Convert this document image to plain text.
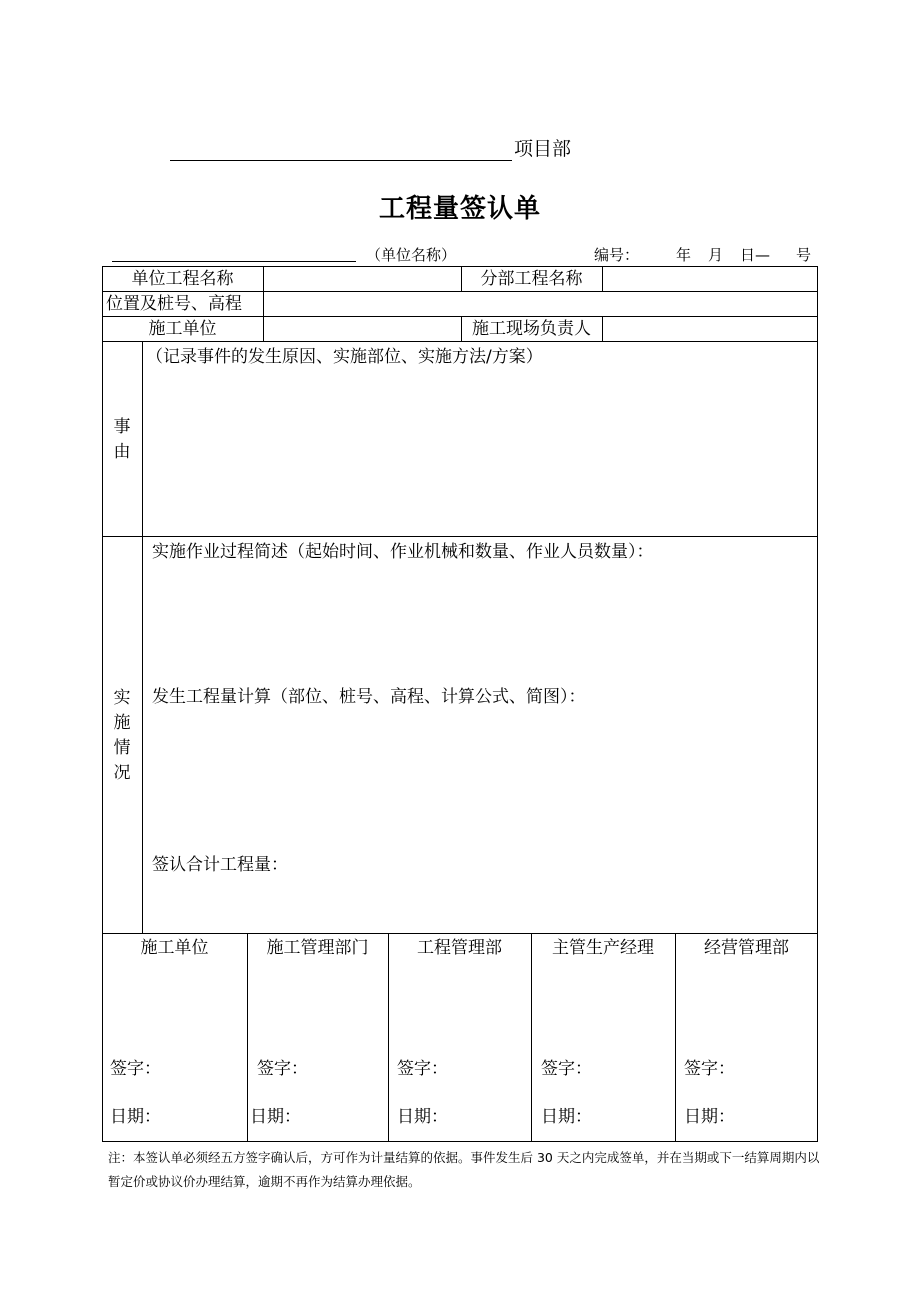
项目部
工程量签认单
（单位名称）	编号： 年 月 日— 号
单位工程名称	分部工程名称
位置及桩号、高程
施工单位	施工现场负责人
事
由
（记录事件的发生原因、实施部位、实施方法/方案）
实
施
情
况
实施作业过程简述（起始时间、作业机械和数量、作业人员数量）：
发生工程量计算（部位、桩号、高程、计算公式、简图）：
签认合计工程量：
施工单位	施工管理部门	工程管理部	主管生产经理	经营管理部
签字：	签字：	签字：	签字：	签字：
日期：	日期：	日期：	日期：	日期：
注：本签认单必须经五方签字确认后，方可作为计量结算的依据。事件发生后 30 天之内完成签单，并在当期或下一结算周期内以暂定价或协议价办理结算，逾期不再作为结算办理依据。
